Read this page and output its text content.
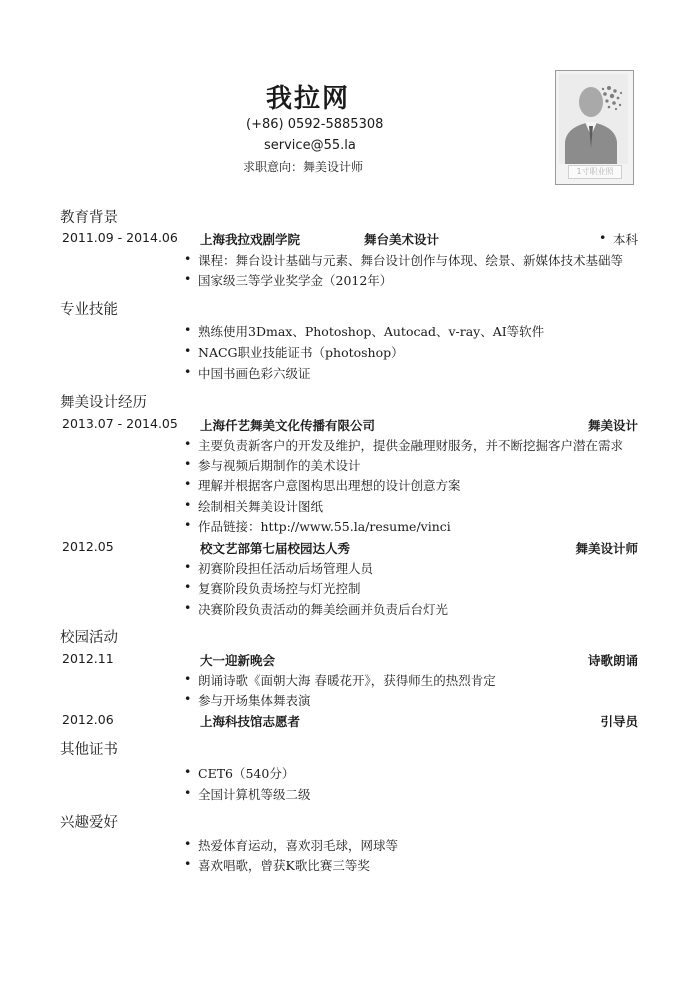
我拉网
(+86) 0592-5885308
service@55.la
求职意向：舞美设计师	1寸职业照
教育背景
2011.09 - 2014.06 上海我拉戏剧学院	舞台美术设计
•	本科
• 课程：舞台设计基础与元素、舞台设计创作与体现、绘景、新媒体技术基础等
• 国家级三等学业奖学金（2012年）
专业技能
• 熟练使用3Dmax、Photoshop、Autocad、v-ray、AI等软件
• NACG职业技能证书（photoshop）
• 中国书画色彩六级证
舞美设计经历
2013.07 - 2014.05 上海仟艺舞美文化传播有限公司	舞美设计
• 主要负责新客户的开发及维护，提供金融理财服务，并不断挖掘客户潜在需求
• 参与视频后期制作的美术设计
• 理解并根据客户意图构思出理想的设计创意方案
• 绘制相关舞美设计图纸
• 作品链接：http://www.55.la/resume/vinci
2012.05	校文艺部第七届校园达人秀	舞美设计师
• 初赛阶段担任活动后场管理人员
• 复赛阶段负责场控与灯光控制
• 决赛阶段负责活动的舞美绘画并负责后台灯光
校园活动
2012.11	大一迎新晚会	诗歌朗诵
• 朗诵诗歌《面朝大海 春暖花开》，获得师生的热烈肯定
• 参与开场集体舞表演
2012.06	上海科技馆志愿者	引导员
其他证书
• CET6（540分）
• 全国计算机等级二级
兴趣爱好
• 热爱体育运动，喜欢羽毛球，网球等
• 喜欢唱歌，曾获K歌比赛三等奖
